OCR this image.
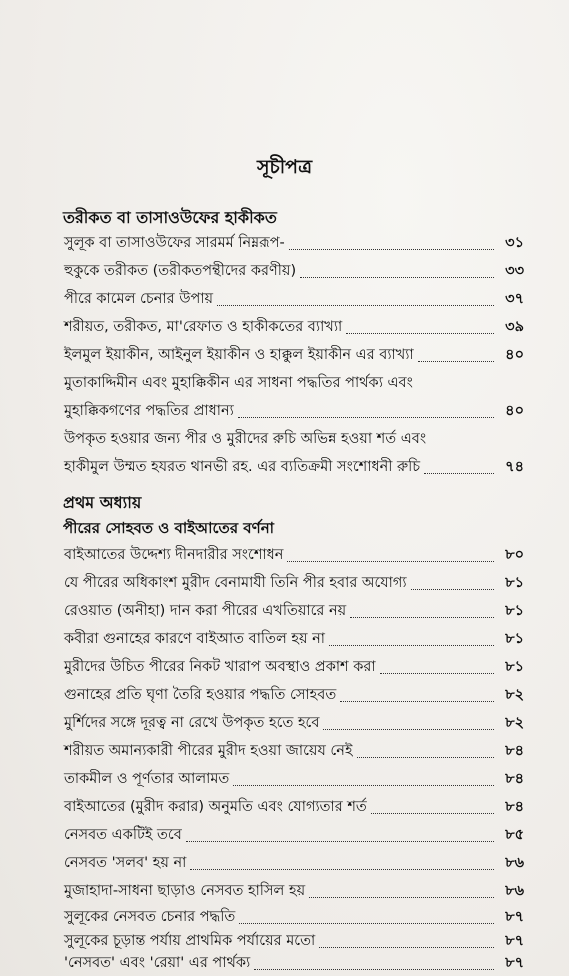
সূচীপত্র
তরীকত বা তাসাওউফের হাকীকত
সুলূক বা তাসাওউফের সারমর্ম নিম্নরূপ-	৩১
হুকুকে তরীকত (তরীকতপন্থীদের করণীয়)	৩৩
পীরে কামেল চেনার উপায়	৩৭
শরীয়ত, তরীকত, মা'রেফাত ও হাকীকতের ব্যাখ্যা	৩৯
ইলমুল ইয়াকীন, আইনুল ইয়াকীন ও হাক্কুল ইয়াকীন এর ব্যাখ্যা	৪০
মুতাকাদ্দিমীন এবং মুহাক্কিকীন এর সাধনা পদ্ধতির পার্থক্য এবং
মুহাক্কিকগণের পদ্ধতির প্রাধান্য	৪০
উপকৃত হওয়ার জন্য পীর ও মুরীদের রুচি অভিন্ন হওয়া শর্ত এবং
হাকীমুল উম্মত হযরত থানভী রহ. এর ব্যতিক্রমী সংশোধনী রুচি	৭৪
প্রথম অধ্যায়
পীরের সোহবত ও বাইআতের বর্ণনা
বাইআতের উদ্দেশ্য দীনদারীর সংশোধন	৮০
যে পীরের অধিকাংশ মুরীদ বেনামাযী তিনি পীর হবার অযোগ্য	৮১
রেওয়াত (অনীহা) দান করা পীরের এখতিয়ারে নয়	৮১
কবীরা গুনাহের কারণে বাইআত বাতিল হয় না	৮১
মুরীদের উচিত পীরের নিকট খারাপ অবস্থাও প্রকাশ করা	৮১
গুনাহের প্রতি ঘৃণা তৈরি হওয়ার পদ্ধতি সোহবত	৮২
মুর্শিদের সঙ্গে দূরত্ব না রেখে উপকৃত হতে হবে	৮২
শরীয়ত অমান্যকারী পীরের মুরীদ হওয়া জায়েয নেই	৮৪
তাকমীল ও পূর্ণতার আলামত	৮৪
বাইআতের (মুরীদ করার) অনুমতি এবং যোগ্যতার শর্ত	৮৪
নেসবত একটিই তবে	৮৫
নেসবত 'সলব' হয় না	৮৬
মুজাহাদা-সাধনা ছাড়াও নেসবত হাসিল হয়	৮৬
সুলূকের নেসবত চেনার পদ্ধতি	৮৭
সুলূকের চূড়ান্ত পর্যায় প্রাথমিক পর্যায়ের মতো	৮৭
'নেসবত' এবং 'রেয়া' এর পার্থক্য	৮৭
